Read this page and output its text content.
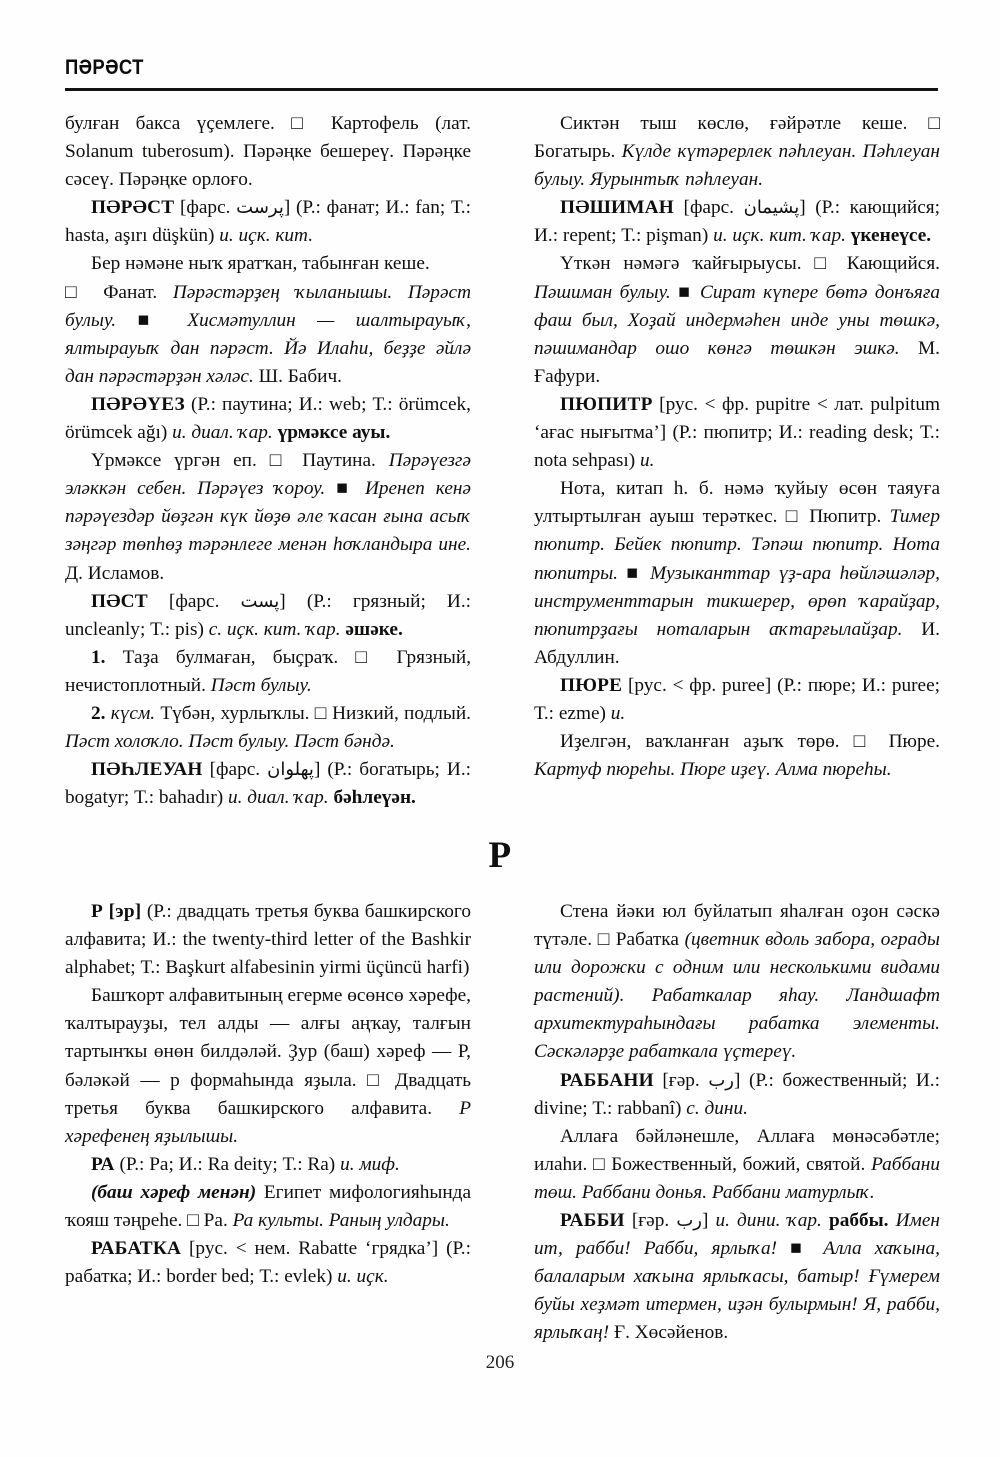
ПӘРӘСТ

булған бакса үҫемлеге. □ Картофель (лат. Solanum tuberosum). Пәрәңке бешереү. Пәрәңке сәсеү. Пәрәңке орлоғо.

ПӘРӘСТ [фарс. پرست] (Р.: фанат; И.: fan; Т.: hasta, aşırı düşkün) и. иҫк. кит.

Бер нәмәне ныҡ яратҡан, табынған кеше.

□ Фанат. Пәрәстәрҙең ҡыланышы. Пәрәст булыу. ■ Хисмәтуллин — шалтырауыҡ, ялтырауыҡ дан пәрәст. Йә Илаһи, беҙҙе әйлә дан пәрәстәрҙән хәләс. Ш. Бабич.

ПӘРӘҮЕЗ (Р.: паутина; И.: web; Т.: örümcek, örümcek ağı) и. диал. ҡар. үрмәксе ауы.

Үрмәксе үргән еп. □ Паутина. Пәрәүезгә эләккән себен. Пәрәүез ҡороу. ■ Иренеп кенә пәрәүездәр йөҙгән күк йөҙө әле ҡасан ғына асыҡ зәңгәр төпһөҙ тәрәнлеге менән һоҡландыра ине. Д. Исламов.

ПӘСТ [фарс. پست] (Р.: грязный; И.: uncleanly; Т.: pis) с. иҫк. кит. ҡар. әшәке.

1. Таҙа булмаған, быҫраҡ. □ Грязный, нечистоплотный. Пәст булыу.

2. күсм. Түбән, хурлыҡлы. □ Низкий, подлый. Пәст холоҡло. Пәст булыу. Пәст бәндә.

ПӘҺЛЕУАН [фарс. پهلوان] (Р.: богатырь; И.: bogatyr; Т.: bahadır) и. диал. ҡар. бәһлеүән.

Сиктән тыш көслө, ғәйрәтле кеше. □ Богатырь. Күлде күтәрерлек пәһлеуан. Пәһлеуан булыу. Яурынтыҡ пәһлеуан.

ПӘШИМАН [фарс. پشیمان] (Р.: кающийся; И.: repent; Т.: pişman) и. иҫк. кит. ҡар. үкенеүсе.

Үткән нәмәгә ҡайғырыусы. □ Кающийся. Пәшиман булыу. ■ Сират күпере бөтә донъяға фаш был, Хоҙай индермәһен инде уны төшкә, пәшимандар ошо көнгә төшкән эшкә. М. Ғафури.

ПЮПИТР [рус. < фр. pupitre < лат. pulpitum ‘ағас нығытма’] (Р.: пюпитр; И.: reading desk; Т.: nota sehpası) и.

Нота, китап һ. б. нәмә ҡуйыу өсөн таяуға ултыртылған ауыш терәткес. □ Пюпитр. Тимер пюпитр. Бейек пюпитр. Тәпәш пюпитр. Нота пюпитры. ■ Музыканттар үҙ-ара һөйләшәләр, инструменттарын тикшерер, өрөп ҡарайҙар, пюпитрҙағы ноталарын аҡтарғылайҙар. И. Абдуллин.

ПЮРЕ [рус. < фр. puree] (Р.: пюре; И.: puree; Т.: ezme) и.

Иҙелгән, ваҡланған аҙыҡ төрө. □ Пюре. Картуф пюреһы. Пюре иҙеү. Алма пюреһы.

Р

Р [эр] (Р.: двадцать третья буква башкирского алфавита; И.: the twenty-third letter of the Bashkir alphabet; Т.: Başkurt alfabesinin yirmi üçüncü harfi)

Башҡорт алфавитының егерме өсөнсө хәрефе, ҡалтырауҙы, тел алды — алғы аңҡау, талғын тартынҡы өнөн билдәләй. Ҙур (баш) хәреф — Р, бәләкәй — р формаһында яҙыла. □ Двадцать третья буква башкирского алфавита. Р хәрефенең яҙылышы.

РА (Р.: Ра; И.: Ra deity; Т.: Ra) и. миф.

(баш хәреф менән) Египет мифологияһында ҡояш тәңреһе. □ Ра. Ра культы. Раның улдары.

РАБАТКА [рус. < нем. Rabatte ‘грядка’] (Р.: рабатка; И.: border bed; Т.: evlek) и. иҫк.

Стена йәки юл буйлатып яһалған оҙон сәскә түтәле. □ Рабатка (цветник вдоль забора, ограды или дорожки с одним или несколькими видами растений). Рабаткалар яһау. Ландшафт архитектураһындағы рабатка элементы. Сәскәләрҙе рабаткала үҫтереү.

РАББАНИ [ғәр. رب] (Р.: божественный; И.: divine; Т.: rabbanî) с. дини.

Аллаға бәйләнешле, Аллаға мөнәсәбәтле; илаһи. □ Божественный, божий, святой. Раббани төш. Раббани донья. Раббани матурлыҡ.

РАББИ [ғәр. رب] и. дини. ҡар. раббы. Имен ит, рабби! Рабби, ярлыҡа! ■ Алла хаҡына, балаларым хаҡына ярлыҡасы, батыр! Ғүмерем буйы хеҙмәт итермен, иҙән булырмын! Я, рабби, ярлыҡаң! Ғ. Хөсәйенов.

206
